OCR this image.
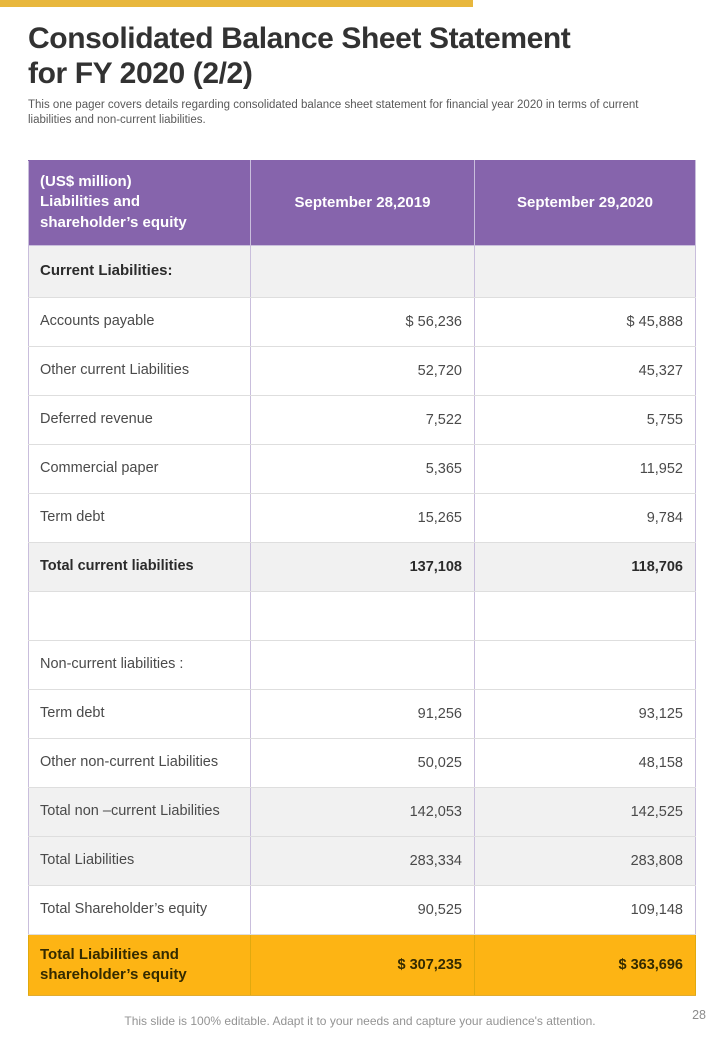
Consolidated Balance Sheet Statement
for FY 2020 (2/2)

This one pager covers details regarding consolidated balance sheet statement for financial year 2020 in terms of current liabilities and non-current liabilities.

(US$ million)
Liabilities and
shareholder’s equity	September 28,2019	September 29,2020
Current Liabilities:		
Accounts payable	$ 56,236	$ 45,888
Other current Liabilities	52,720	45,327
Deferred revenue	7,522	5,755
Commercial paper	5,365	11,952
Term debt	15,265	9,784
Total current liabilities	137,108	118,706

Non-current liabilities :		
Term debt	91,256	93,125
Other non-current Liabilities	50,025	48,158
Total non –current Liabilities	142,053	142,525
Total Liabilities	283,334	283,808
Total Shareholder’s equity	90,525	109,148
Total Liabilities and shareholder’s equity	$ 307,235	$ 363,696
This slide is 100% editable. Adapt it to your needs and capture your audience's attention.	28
